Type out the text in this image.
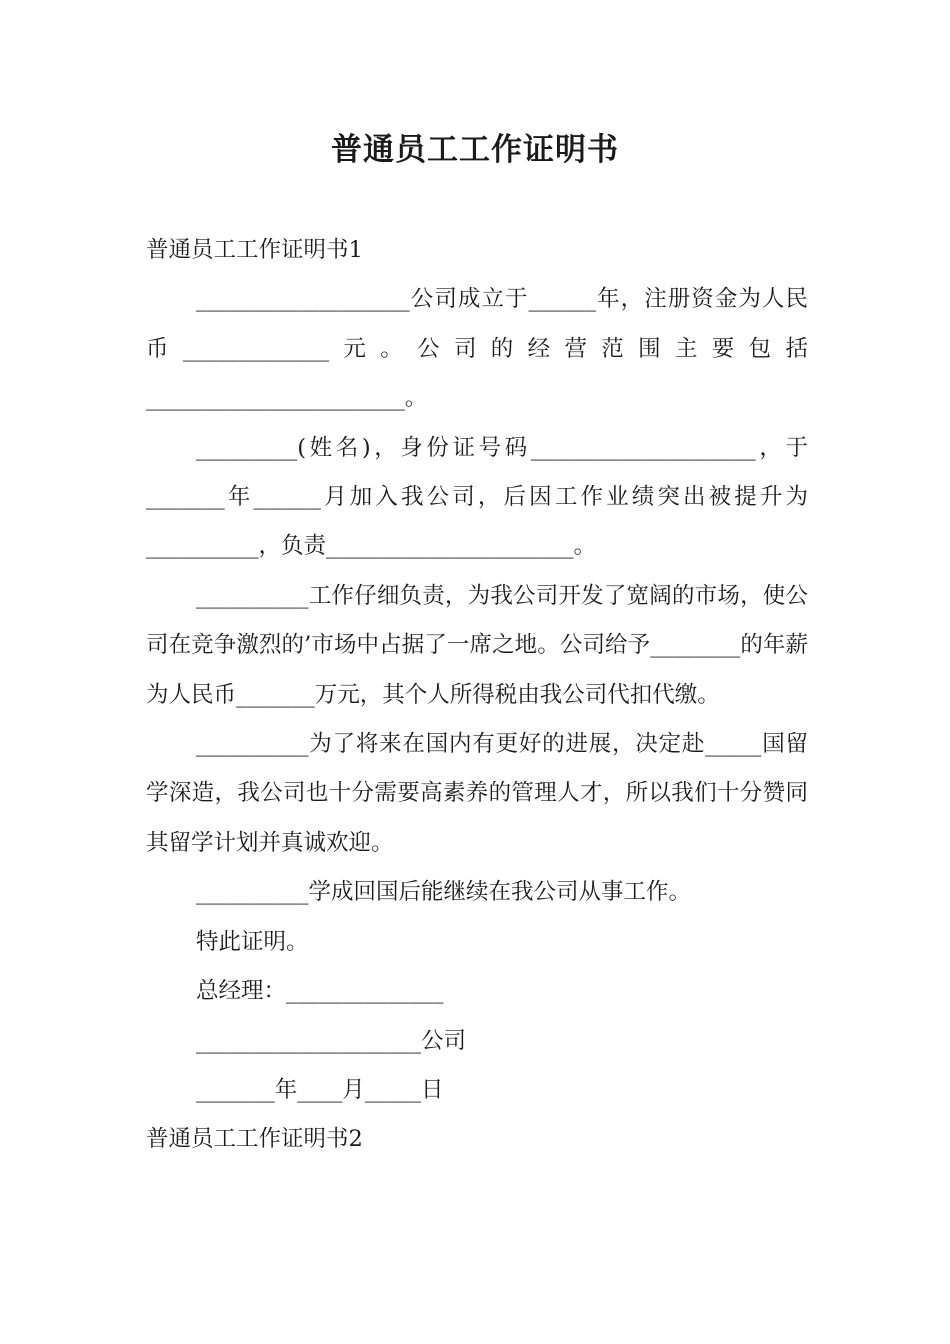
普通员工工作证明书

普通员工工作证明书1

___________________公司成立于______年，注册资金为人民币_____________元。公司的经营范围主要包括_______________________。

_________(姓名)，身份证号码____________________，于_______年______月加入我公司，后因工作业绩突出被提升为__________，负责______________________。

__________工作仔细负责，为我公司开发了宽阔的市场，使公司在竞争激烈的’市场中占据了一席之地。公司给予________的年薪为人民币_______万元，其个人所得税由我公司代扣代缴。

__________为了将来在国内有更好的进展，决定赴_____国留学深造，我公司也十分需要高素养的管理人才，所以我们十分赞同其留学计划并真诚欢迎。

__________学成回国后能继续在我公司从事工作。

特此证明。

总经理：______________

____________________公司

_______年____月_____日

普通员工工作证明书2
